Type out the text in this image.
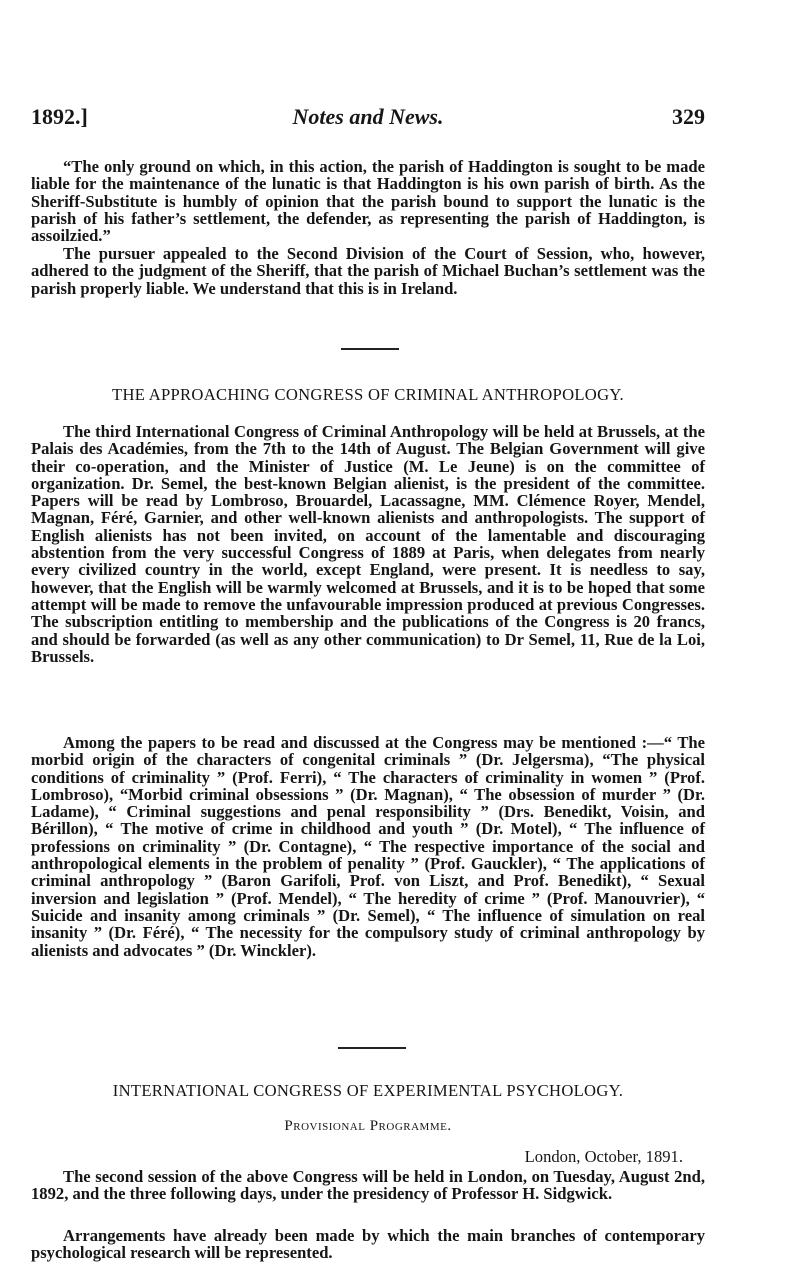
1892.]	Notes and News.	329

“The only ground on which, in this action, the parish of Haddington is sought to be made liable for the maintenance of the lunatic is that Haddington is his own parish of birth. As the Sheriff-Substitute is humbly of opinion that the parish bound to support the lunatic is the parish of his father’s settlement, the defender, as representing the parish of Haddington, is assoilzied.”

The pursuer appealed to the Second Division of the Court of Session, who, however, adhered to the judgment of the Sheriff, that the parish of Michael Buchan’s settlement was the parish properly liable. We understand that this is in Ireland.

THE APPROACHING CONGRESS OF CRIMINAL ANTHROPOLOGY.

The third International Congress of Criminal Anthropology will be held at Brussels, at the Palais des Académies, from the 7th to the 14th of August. The Belgian Government will give their co-operation, and the Minister of Justice (M. Le Jeune) is on the committee of organization. Dr. Semel, the best-known Belgian alienist, is the president of the committee. Papers will be read by Lombroso, Brouardel, Lacassagne, MM. Clémence Royer, Mendel, Magnan, Féré, Garnier, and other well-known alienists and anthropologists. The support of English alienists has not been invited, on account of the lamentable and discouraging abstention from the very successful Congress of 1889 at Paris, when delegates from nearly every civilized country in the world, except England, were present. It is needless to say, however, that the English will be warmly welcomed at Brussels, and it is to be hoped that some attempt will be made to remove the unfavourable impression produced at previous Congresses. The subscription entitling to membership and the publications of the Congress is 20 francs, and should be forwarded (as well as any other communication) to Dr Semel, 11, Rue de la Loi, Brussels.

Among the papers to be read and discussed at the Congress may be mentioned :—“ The morbid origin of the characters of congenital criminals ” (Dr. Jelgersma), “The physical conditions of criminality ” (Prof. Ferri), “ The characters of criminality in women ” (Prof. Lombroso), “Morbid criminal obsessions ” (Dr. Magnan), “ The obsession of murder ” (Dr. Ladame), “ Criminal suggestions and penal responsibility ” (Drs. Benedikt, Voisin, and Bérillon), “ The motive of crime in childhood and youth ” (Dr. Motel), “ The influence of professions on criminality ” (Dr. Contagne), “ The respective importance of the social and anthropological elements in the problem of penality ” (Prof. Gauckler), “ The applications of criminal anthropology ” (Baron Garifoli, Prof. von Liszt, and Prof. Benedikt), “ Sexual inversion and legislation ” (Prof. Mendel), “ The heredity of crime ” (Prof. Manouvrier), “ Suicide and insanity among criminals ” (Dr. Semel), “ The influence of simulation on real insanity ” (Dr. Féré), “ The necessity for the compulsory study of criminal anthropology by alienists and advocates ” (Dr. Winckler).

INTERNATIONAL CONGRESS OF EXPERIMENTAL PSYCHOLOGY.

Provisional Programme.

London, October, 1891.

The second session of the above Congress will be held in London, on Tuesday, August 2nd, 1892, and the three following days, under the presidency of Professor H. Sidgwick.

Arrangements have already been made by which the main branches of contemporary psychological research will be represented.
